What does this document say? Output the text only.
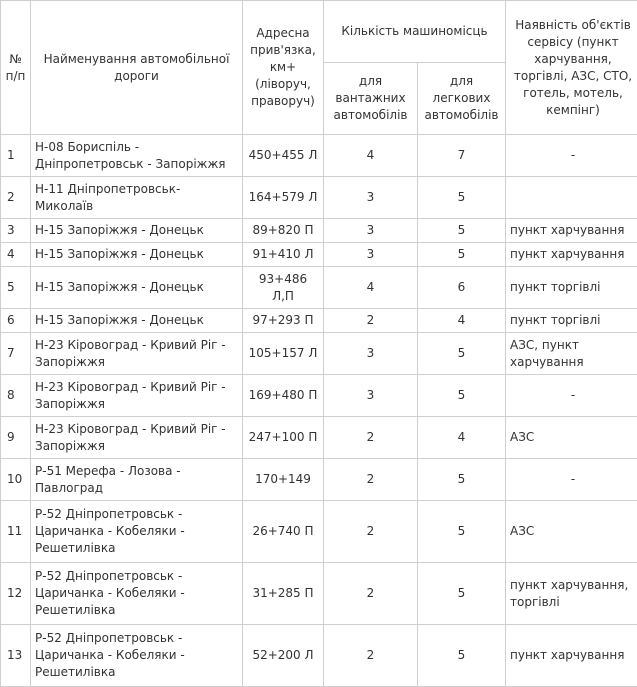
№ п/п	Найменування автомобільної дороги	Адресна прив'язка, км+ (ліворуч, праворуч)	Кількість машиномісць		Наявність об'єктів сервісу (пункт харчування, торгівлі, АЗС, СТО, готель, мотель, кемпінг)
			для вантажних автомобілів	для легкових автомобілів	
1	Н-08 Бориспіль - Дніпропетровськ - Запоріжжя	450+455 Л	4	7	-
2	Н-11 Дніпропетровськ-Миколаїв	164+579 Л	3	5	
3	Н-15 Запоріжжя - Донецьк	89+820 П	3	5	пункт харчування
4	Н-15 Запоріжжя - Донецьк	91+410 Л	3	5	пункт харчування
5	Н-15 Запоріжжя - Донецьк	93+486 Л,П	4	6	пункт торгівлі
6	Н-15 Запоріжжя - Донецьк	97+293 П	2	4	пункт торгівлі
7	Н-23 Кіровоград - Кривий Ріг - Запоріжжя	105+157 Л	3	5	АЗС, пункт харчування
8	Н-23 Кіровоград - Кривий Ріг - Запоріжжя	169+480 П	3	5	-
9	Н-23 Кіровоград - Кривий Ріг - Запоріжжя	247+100 П	2	4	АЗС
10	Р-51 Мерефа - Лозова - Павлоград	170+149	2	5	-
11	Р-52 Дніпропетровськ - Царичанка - Кобеляки - Решетилівка	26+740 П	2	5	АЗС
12	Р-52 Дніпропетровськ - Царичанка - Кобеляки - Решетилівка	31+285 П	2	5	пункт харчування, торгівлі
13	Р-52 Дніпропетровськ - Царичанка - Кобеляки - Решетилівка	52+200 Л	2	5	пункт харчування
